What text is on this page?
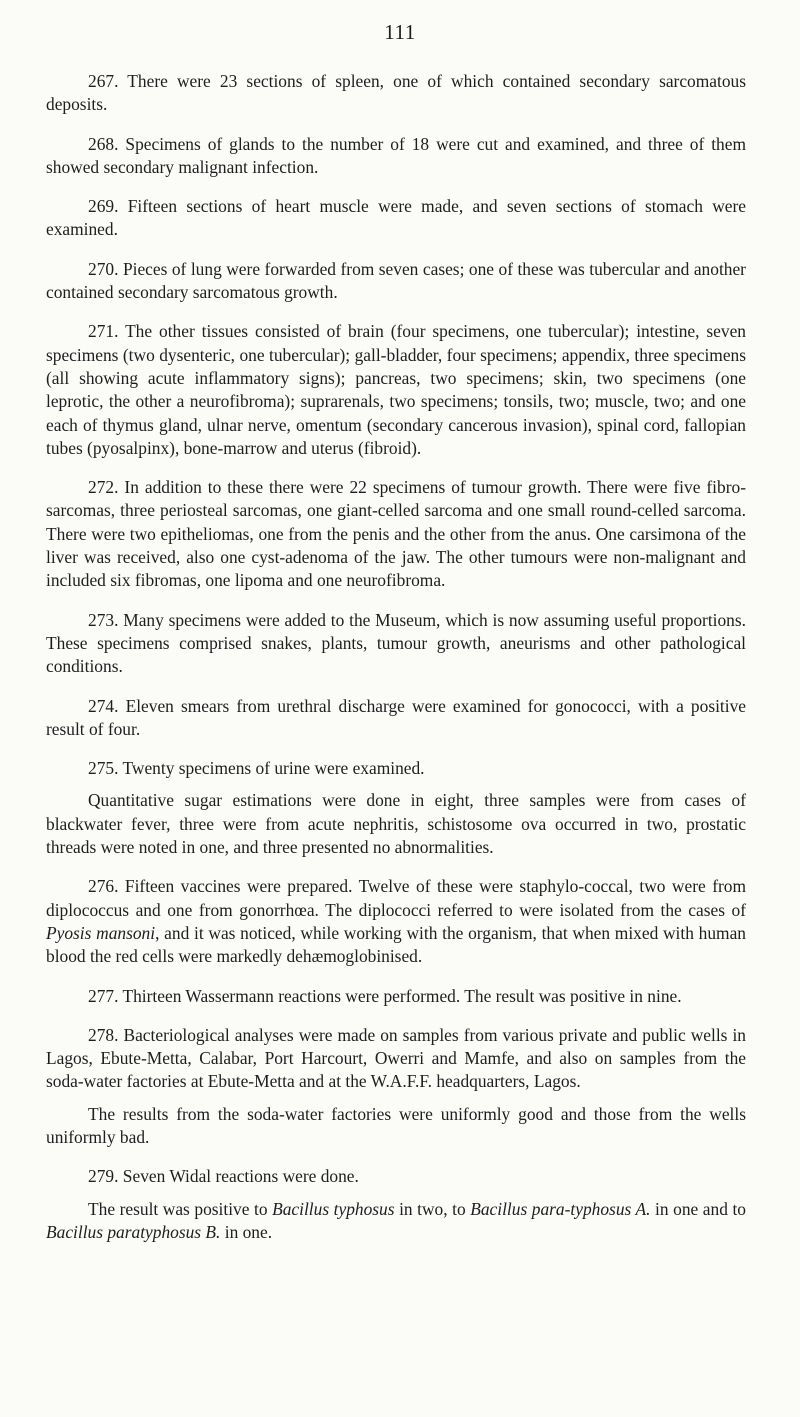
111

267. There were 23 sections of spleen, one of which contained secondary sarcomatous deposits.

268. Specimens of glands to the number of 18 were cut and examined, and three of them showed secondary malignant infection.

269. Fifteen sections of heart muscle were made, and seven sections of stomach were examined.

270. Pieces of lung were forwarded from seven cases; one of these was tubercular and another contained secondary sarcomatous growth.

271. The other tissues consisted of brain (four specimens, one tubercular); intestine, seven specimens (two dysenteric, one tubercular); gall-bladder, four specimens; appendix, three specimens (all showing acute inflammatory signs); pancreas, two specimens; skin, two specimens (one leprotic, the other a neurofibroma); suprarenals, two specimens; tonsils, two; muscle, two; and one each of thymus gland, ulnar nerve, omentum (secondary cancerous invasion), spinal cord, fallopian tubes (pyosalpinx), bone-marrow and uterus (fibroid).

272. In addition to these there were 22 specimens of tumour growth. There were five fibro-sarcomas, three periosteal sarcomas, one giant-celled sarcoma and one small round-celled sarcoma. There were two epitheliomas, one from the penis and the other from the anus. One carsimona of the liver was received, also one cyst-adenoma of the jaw. The other tumours were non-malignant and included six fibromas, one lipoma and one neurofibroma.

273. Many specimens were added to the Museum, which is now assuming useful proportions. These specimens comprised snakes, plants, tumour growth, aneurisms and other pathological conditions.

274. Eleven smears from urethral discharge were examined for gonococci, with a positive result of four.

275. Twenty specimens of urine were examined.

Quantitative sugar estimations were done in eight, three samples were from cases of blackwater fever, three were from acute nephritis, schistosome ova occurred in two, prostatic threads were noted in one, and three presented no abnormalities.

276. Fifteen vaccines were prepared. Twelve of these were staphylo-coccal, two were from diplococcus and one from gonorrhœa. The diplococci referred to were isolated from the cases of Pyosis mansoni, and it was noticed, while working with the organism, that when mixed with human blood the red cells were markedly dehæmoglobinised.

277. Thirteen Wassermann reactions were performed. The result was positive in nine.

278. Bacteriological analyses were made on samples from various private and public wells in Lagos, Ebute-Metta, Calabar, Port Harcourt, Owerri and Mamfe, and also on samples from the soda-water factories at Ebute-Metta and at the W.A.F.F. headquarters, Lagos.

The results from the soda-water factories were uniformly good and those from the wells uniformly bad.

279. Seven Widal reactions were done.

The result was positive to Bacillus typhosus in two, to Bacillus para-typhosus A. in one and to Bacillus paratyphosus B. in one.
